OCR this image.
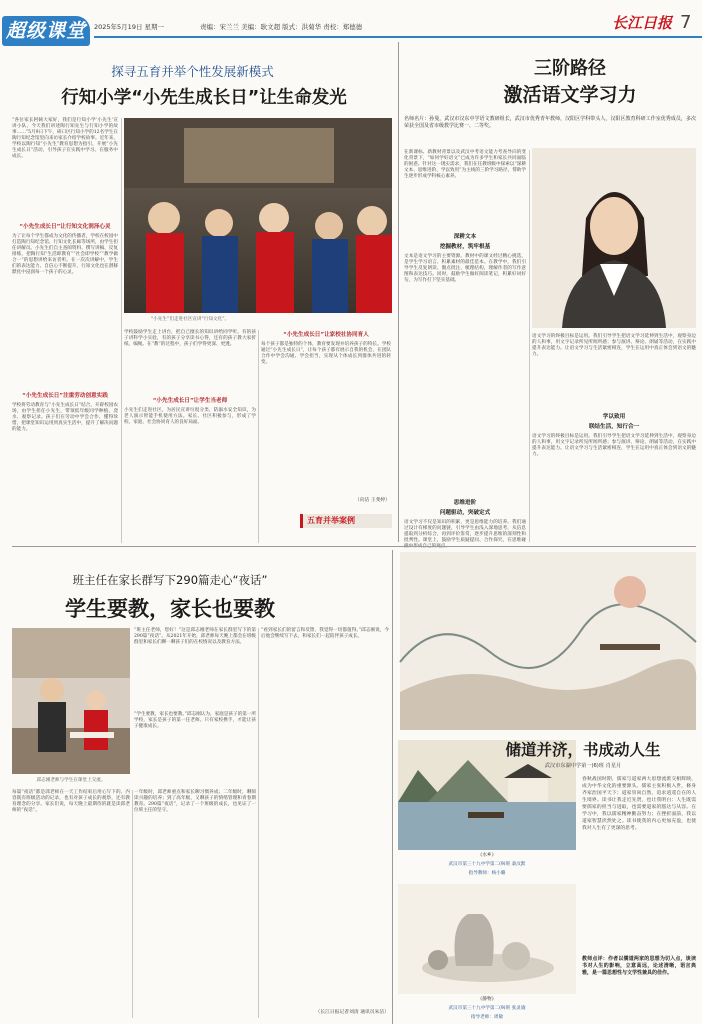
超级课堂	2025年5月19日 星期一	责编：宋兰兰 美编：耿文超 版式：洪菊华 责校：郑德德	长江日报 7
探寻五育并举个性发展新模式
行知小学“小先生成长日”让生命发光
“各位家长阿姨大家好，我们是行知小学‘小先生’宣讲小队，今天我们讲述陶行知先生与行知小学的故事……”5月9日下午，硚口区行知小学的12名学生在陶行知纪念馆里向来访家长介绍学校故事。近年来，学校以陶行知“小先生”教育思想为指引，开展“小先生成长日”活动，引导孩子在实践中学习、在服务中成长。
“小先生成长日”让行知文化润泽心灵
为了让每个学生都成为文化的传播者，学校在校园中打造陶行知纪念馆、行知文化长廊等场所，由学生担任讲解员。小先生们自主查阅资料、撰写讲稿、反复排练，把陶行知“生活即教育”“社会即学校”“教学做合一”的思想讲给来访者听。在一次次讲解中，学生们的表达能力、自信心不断提升，行知文化也在潜移默化中浸润每一个孩子的心灵。
“小先生成长日”注重劳动创意实践
学校将劳动教育与“小先生成长日”结合，开辟校园农场，由学生担任小先生，带领低年级同学种植、浇水、观察记录。孩子们在劳动中学会合作、懂得珍惜，把课堂知识运用到真实生活中，提升了解决问题的能力。
“小先生”们走进社区宣讲“行知文化”。
学校鼓励学生走上讲台，把自己擅长的知识讲给同学听。有的孩子讲科学小实验，有的孩子分享读书心得，还有的孩子教大家折纸、编绳。在“教”的过程中，孩子们学得更深、更透。
“小先生成长日”让学生当老师
小先生们走进社区，为居民宣讲垃圾分类、防溺水安全知识，为老人演示智能手机使用方法。家长、社区积极参与，形成了学校、家庭、社会协同育人的良好局面。
“小先生成长日”让家校社协同育人
每个孩子都是独特的个体，教育要发现并培养孩子的特长。学校通过“小先生成长日”，让每个孩子都有展示自我的机会，在团队合作中学会沟通、学会担当，实现从个体成长到群体共进的转变。
（向洁 王斐婷）
五育并举案例
三阶路径
激活语文学习力
名师名片：孙曼，武汉市汉东中学语文教研组长，武汉市优秀青年教师，汉阳区学科带头人，汉阳区教育科研工作室优秀成员，多次荣获全国及省市级教学比赛一、二等奖。
在新课标、新教材背景以及武汉中考语文能力考查导向的变化背景下，“如何学好语文”已成为许多学生和家长共同面临的困惑。针对这一现实需求，我们在任教班级中探索以“深耕文本、思维进阶、学以致用”为主线的三阶学习路径，帮助学生逐步形成学科核心素养。
深耕文本
挖掘教材，筑牢根基
文本是语文学习的主要资源。教材中的课文经过精心挑选，是学生学习语言、积累素材的最佳范本。在教学中，我们引导学生反复朗读、圈点批注、梳理结构，理解作者的写作意图和表达技巧。同时，鼓励学生做好阅读笔记，积累好词好句，为写作打下坚实基础。
思维进阶
问题驱动，突破定式
语文学习不仅是知识的积累，更是思维能力的培养。我们通过设计有梯度的问题链，引导学生由浅入深地思考，从信息提取到分析综合，再到评价鉴赏，逐步提升思维的深刻性和批判性。课堂上，鼓励学生质疑提问、合作探究，在思维碰
语文学习的终极目标是运用。我们引导学生把语文学习延伸到生活中，观察身边的人和事，用文字记录所见所闻所感；参与演讲、辩论、朗诵等活动，在实践中提升表达能力。让语文学习与生活紧密相连，学生在运用中真正体会到语文的魅力。
学以致用
联结生活，知行合一
语文学习的终极目标是运用。我们引导学生把语文学习延伸到生活中，观察身边的人和事，用文字记录所见所闻所感；参与演讲、辩论、朗诵等活动，在实践中提升表达能力。让语文学习与生活紧密相连，学生在运用中真正体会到语文的魅力。
班主任在家长群写下290篇走心“夜话”
学生要教，家长也要教
邱志刚老师与学生在课堂上交流。
“班主任老师，您好！”这是邱志刚老师在家长群里写下的第290篇“夜话”。从2021年开始，邱老师每天晚上都会在班级群里和家长们聊一聊孩子们的在校情况以及教育方法。
“学生要教，家长也要教。”邱志刚认为，家庭是孩子的第一所学校，家长是孩子的第一任老师。只有家校携手，才能让孩子健康成长。
每篇“夜话”都是邱老师在一天工作结束后用心写下的。内容既有班级活动的记录，也有对孩子成长的观察，还有教育理念的分享。家长们说，每天晚上最期待的就是读邱老师的“夜话”。
一年级时，邱老师重点和家长聊习惯养成；二年级时，聊阅读兴趣的培养；到了高年级，又聊孩子的情绪管理和青春期教育。290篇“夜话”，记录了一个班级的成长，也见证了一位班主任的坚守。
“看到家长们的留言和反馈，我觉得一切都值得。”邱志刚说，今后他会继续写下去，和家长们一起陪伴孩子成长。
（长江日报记者刘清 通讯员朱洁）
《水乡》
武汉市第三十九中学第二(9)班 桑汶默
指导教师：杨小璐
《静物》
武汉市第三十九中学第二(9)班 张灵瑜
指导老师：周敏
储道并济，书成动人生
武汉市东湖中学第一(6)班 肖星月
春秋战国时期，儒家与道家两大思想流派交相辉映，成为中华文化的重要源头。儒家主张积极入世，修身齐家治国平天下；道家崇尚自然，追求逍遥自在的人生境界。读书让我走近先贤，也让我明白：人生既需要儒家的担当与进取，也需要道家的豁达与从容。在学习中，我以儒家精神勤奋努力；在挫折面前，我以道家智慧淡然处之。读书使我的内心更加充盈，也使我对人生有了更深的思考。
教师点评：作者以儒道两家的思想为切入点，谈读书对人生的影响，立意高远，论述清晰，语言典雅，是一篇思想性与文学性兼具的佳作。
